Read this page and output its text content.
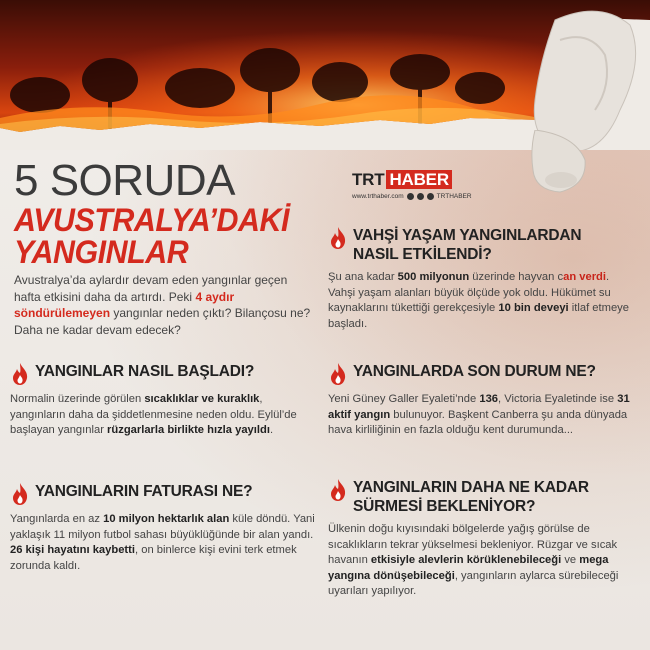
5 SORUDA
AVUSTRALYA’DAKİ
YANGINLAR
TRT HABER
www.trthaber.com	TRTHABER
Avustralya’da aylardır devam eden yangınlar geçen hafta etkisini daha da artırdı. Peki 4 aydır söndürülemeyen yangınlar neden çıktı? Bilançosu ne? Daha ne kadar devam edecek?
YANGINLAR NASIL BAŞLADI?
Normalin üzerinde görülen sıcaklıklar ve kuraklık, yangınların daha da şiddetlenmesine neden oldu. Eylül’de başlayan yangınlar rüzgarlarla birlikte hızla yayıldı.
YANGINLARIN FATURASI NE?
Yangınlarda en az 10 milyon hektarlık alan küle döndü. Yani yaklaşık 11 milyon futbol sahası büyüklüğünde bir alan yandı. 26 kişi hayatını kaybetti, on binlerce kişi evini terk etmek zorunda kaldı.
VAHŞİ YAŞAM YANGINLARDAN NASIL ETKİLENDİ?
Şu ana kadar 500 milyonun üzerinde hayvan can verdi. Vahşi yaşam alanları büyük ölçüde yok oldu. Hükümet su kaynaklarını tükettiği gerekçesiyle 10 bin deveyi itlaf etmeye başladı.
YANGINLARDA SON DURUM NE?
Yeni Güney Galler Eyaleti’nde 136, Victoria Eyaletinde ise 31 aktif yangın bulunuyor. Başkent Canberra şu anda dünyada hava kirliliğinin en fazla olduğu kent durumunda...
YANGINLARIN DAHA NE KADAR SÜRMESİ BEKLENİYOR?
Ülkenin doğu kıyısındaki bölgelerde yağış görülse de sıcaklıkların tekrar yükselmesi bekleniyor. Rüzgar ve sıcak havanın etkisiyle alevlerin körüklenebileceği ve mega yangına dönüşebileceği, yangınların aylarca sürebileceği uyarıları yapılıyor.
